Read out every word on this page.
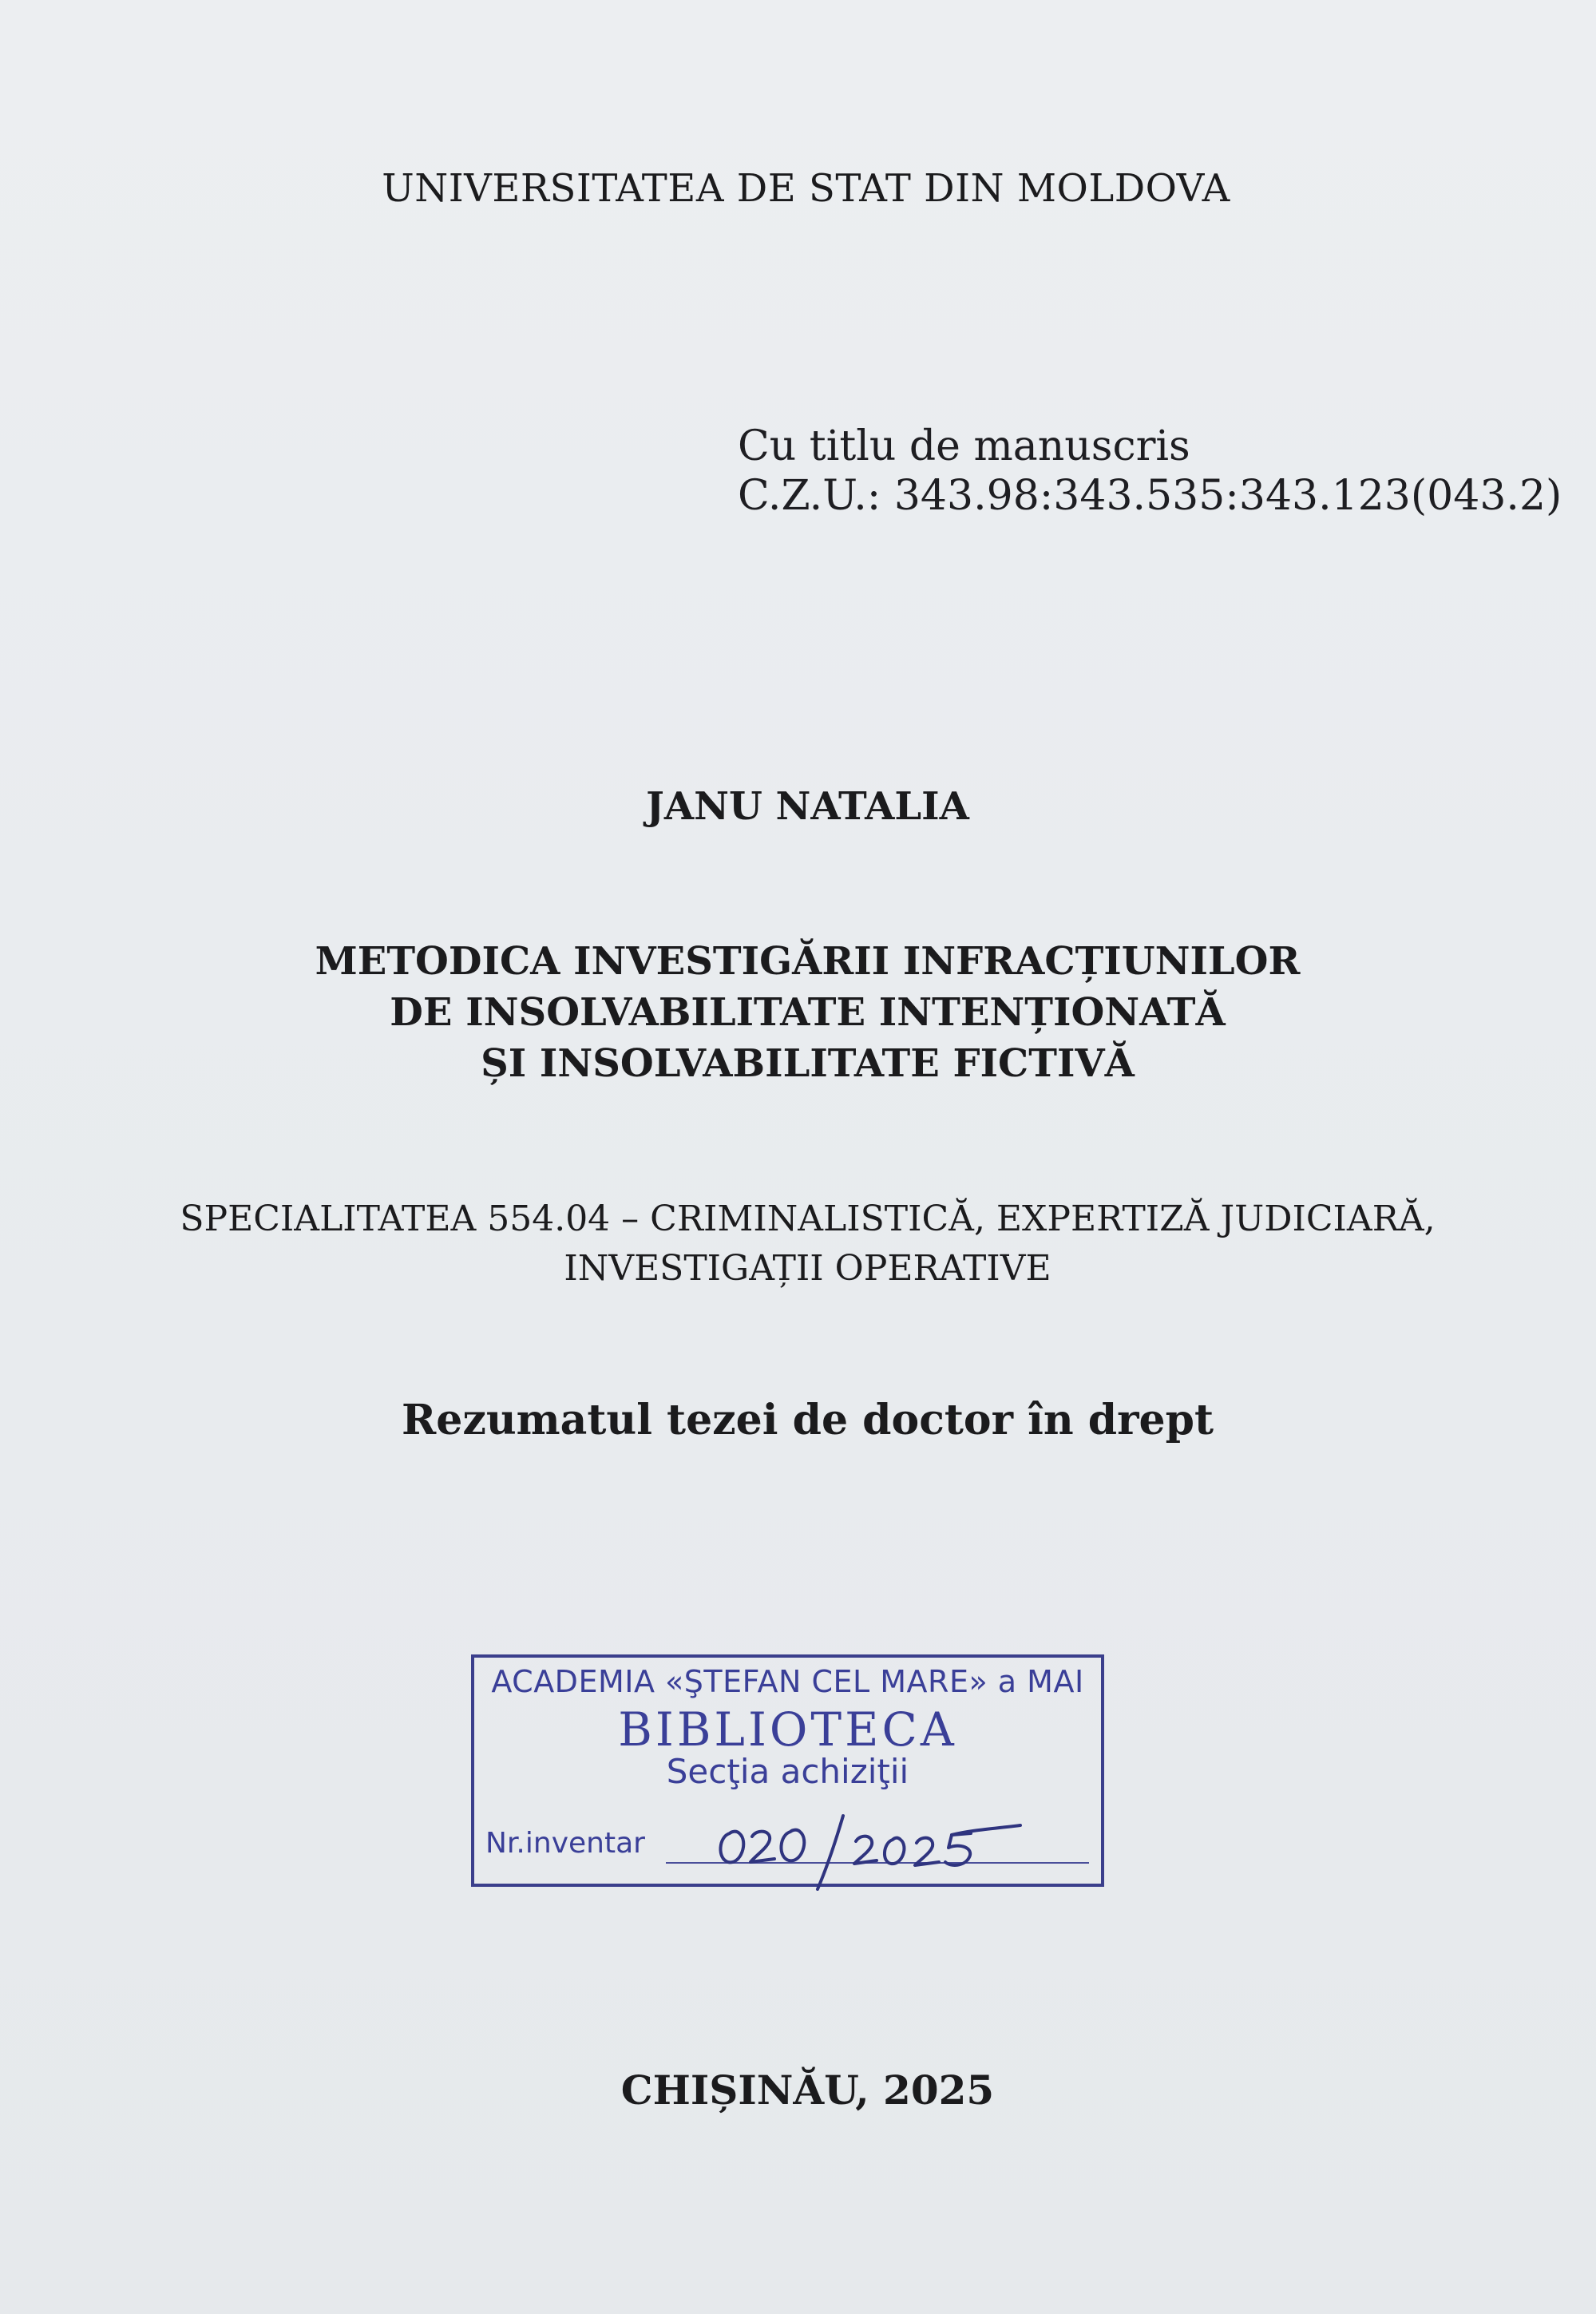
UNIVERSITATEA DE STAT DIN MOLDOVA
Cu titlu de manuscris
C.Z.U.: 343.98:343.535:343.123(043.2)
JANU NATALIA
METODICA INVESTIGĂRII INFRACȚIUNILOR
DE INSOLVABILITATE INTENȚIONATĂ
ȘI INSOLVABILITATE FICTIVĂ
SPECIALITATEA 554.04 – CRIMINALISTICĂ, EXPERTIZĂ JUDICIARĂ,
INVESTIGAȚII OPERATIVE
Rezumatul tezei de doctor în drept
ACADEMIA «ŞTEFAN CEL MARE» a MAI
BIBLIOTECA
Secţia achiziţii
Nr.inventar
CHIȘINĂU, 2025
